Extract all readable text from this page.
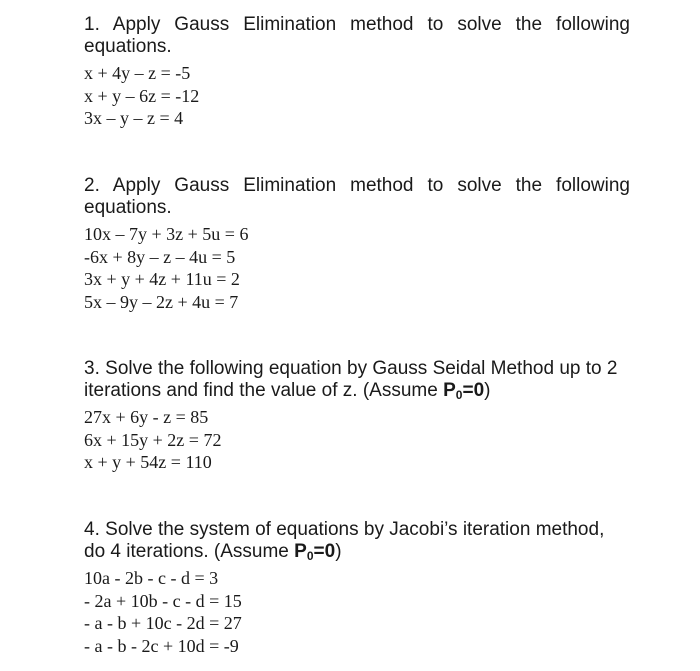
1. Apply Gauss Elimination method to solve the following equations.

x + 4y – z = -5
x + y – 6z = -12
3x – y – z = 4

2. Apply Gauss Elimination method to solve the following equations.

10x – 7y + 3z + 5u = 6
-6x + 8y – z – 4u = 5
3x + y + 4z + 11u = 2
5x – 9y – 2z + 4u = 7

3. Solve the following equation by Gauss Seidal Method up to 2 iterations and find the value of z. (Assume $P_0=0$)

27x + 6y - z = 85
6x + 15y + 2z = 72
x + y + 54z = 110

4. Solve the system of equations by Jacobi’s iteration method, do 4 iterations. (Assume $P_0=0$)

10a - 2b - c - d = 3
- 2a + 10b - c - d = 15
- a - b + 10c - 2d = 27
- a - b - 2c + 10d = -9
